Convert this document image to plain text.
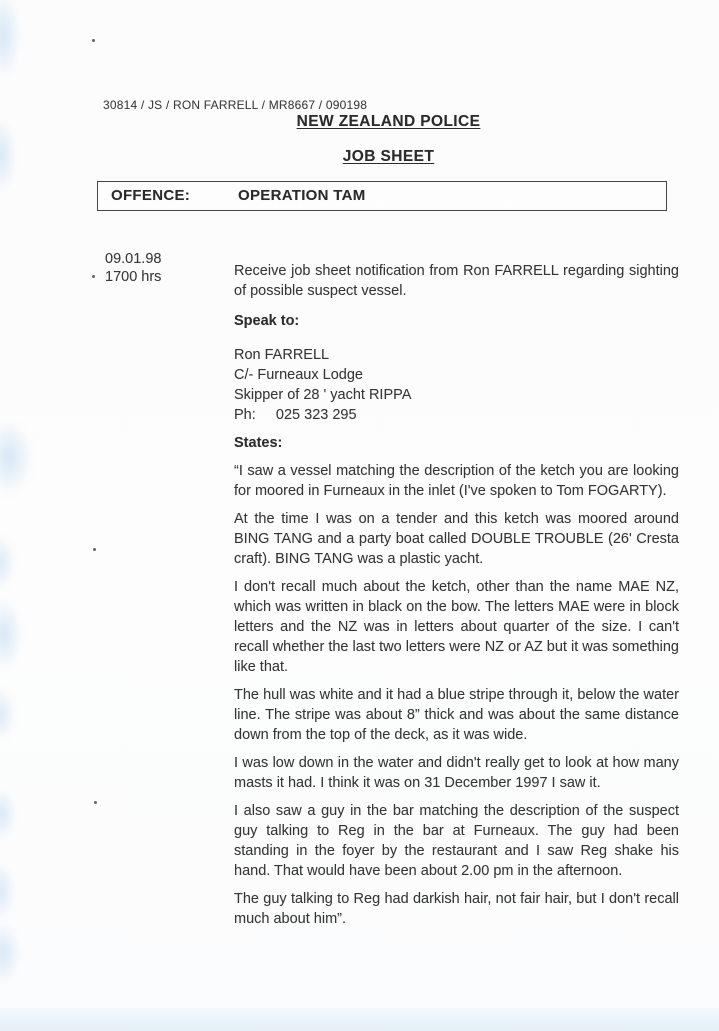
30814 / JS / RON FARRELL / MR8667 / 090198
NEW ZEALAND POLICE
JOB SHEET
OFFENCE:	OPERATION TAM
09.01.98
1700 hrs	Receive job sheet notification from Ron FARRELL regarding sighting of possible suspect vessel.

Speak to:

Ron FARRELL
C/- Furneaux Lodge
Skipper of 28 ' yacht RIPPA
Ph:     025 323 295

States:

“I saw a vessel matching the description of the ketch you are looking for moored in Furneaux in the inlet (I've spoken to Tom FOGARTY).

At the time I was on a tender and this ketch was moored around BING TANG and a party boat called DOUBLE TROUBLE (26' Cresta craft). BING TANG was a plastic yacht.

I don't recall much about the ketch, other than the name MAE NZ, which was written in black on the bow. The letters MAE were in block letters and the NZ was in letters about quarter of the size. I can't recall whether the last two letters were NZ or AZ but it was something like that.

The hull was white and it had a blue stripe through it, below the water line. The stripe was about 8” thick and was about the same distance down from the top of the deck, as it was wide.

I was low down in the water and didn't really get to look at how many masts it had. I think it was on 31 December 1997 I saw it.

I also saw a guy in the bar matching the description of the suspect guy talking to Reg in the bar at Furneaux. The guy had been standing in the foyer by the restaurant and I saw Reg shake his hand. That would have been about 2.00 pm in the afternoon.

The guy talking to Reg had darkish hair, not fair hair, but I don't recall much about him”.
